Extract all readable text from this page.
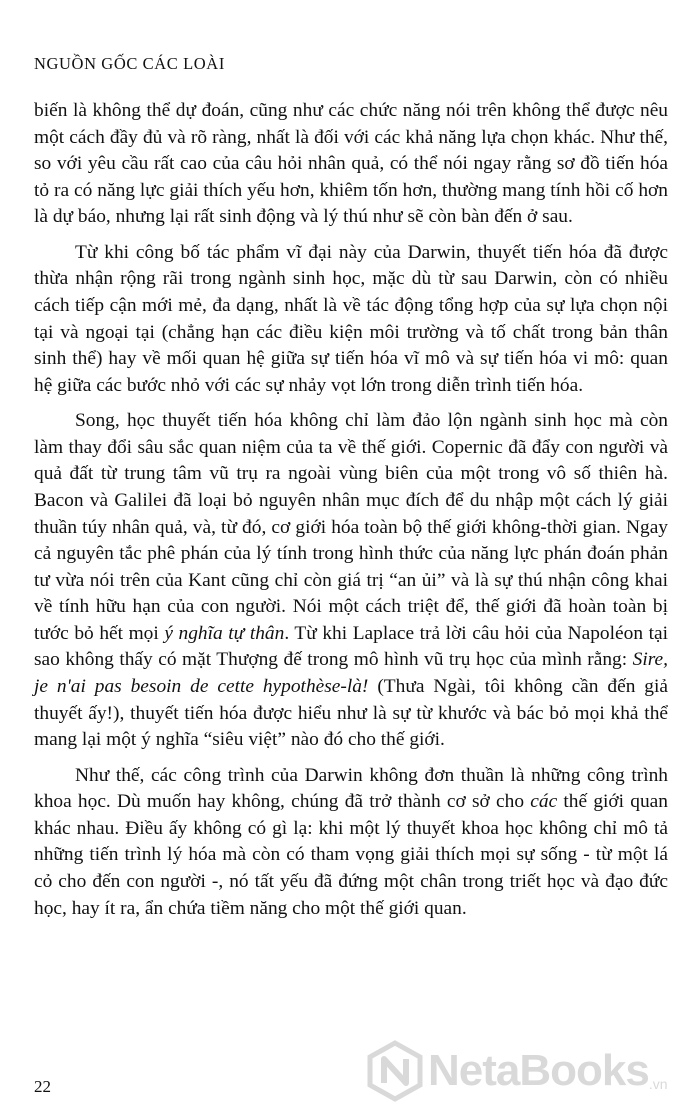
NGUỒN GỐC CÁC LOÀI

biến là không thể dự đoán, cũng như các chức năng nói trên không thể được nêu một cách đầy đủ và rõ ràng, nhất là đối với các khả năng lựa chọn khác. Như thế, so với yêu cầu rất cao của câu hỏi nhân quả, có thể nói ngay rằng sơ đồ tiến hóa tỏ ra có năng lực giải thích yếu hơn, khiêm tốn hơn, thường mang tính hồi cố hơn là dự báo, nhưng lại rất sinh động và lý thú như sẽ còn bàn đến ở sau.

Từ khi công bố tác phẩm vĩ đại này của Darwin, thuyết tiến hóa đã được thừa nhận rộng rãi trong ngành sinh học, mặc dù từ sau Darwin, còn có nhiều cách tiếp cận mới mẻ, đa dạng, nhất là về tác động tổng hợp của sự lựa chọn nội tại và ngoại tại (chẳng hạn các điều kiện môi trường và tố chất trong bản thân sinh thể) hay về mối quan hệ giữa sự tiến hóa vĩ mô và sự tiến hóa vi mô: quan hệ giữa các bước nhỏ với các sự nhảy vọt lớn trong diễn trình tiến hóa.

Song, học thuyết tiến hóa không chỉ làm đảo lộn ngành sinh học mà còn làm thay đổi sâu sắc quan niệm của ta về thế giới. Copernic đã đẩy con người và quả đất từ trung tâm vũ trụ ra ngoài vùng biên của một trong vô số thiên hà. Bacon và Galilei đã loại bỏ nguyên nhân mục đích để du nhập một cách lý giải thuần túy nhân quả, và, từ đó, cơ giới hóa toàn bộ thế giới không-thời gian. Ngay cả nguyên tắc phê phán của lý tính trong hình thức của năng lực phán đoán phản tư vừa nói trên của Kant cũng chỉ còn giá trị “an ủi” và là sự thú nhận công khai về tính hữu hạn của con người. Nói một cách triệt để, thế giới đã hoàn toàn bị tước bỏ hết mọi ý nghĩa tự thân. Từ khi Laplace trả lời câu hỏi của Napoléon tại sao không thấy có mặt Thượng đế trong mô hình vũ trụ học của mình rằng: Sire, je n'ai pas besoin de cette hypothèse-là! (Thưa Ngài, tôi không cần đến giả thuyết ấy!), thuyết tiến hóa được hiểu như là sự từ khước và bác bỏ mọi khả thể mang lại một ý nghĩa “siêu việt” nào đó cho thế giới.

Như thế, các công trình của Darwin không đơn thuần là những công trình khoa học. Dù muốn hay không, chúng đã trở thành cơ sở cho các thế giới quan khác nhau. Điều ấy không có gì lạ: khi một lý thuyết khoa học không chỉ mô tả những tiến trình lý hóa mà còn có tham vọng giải thích mọi sự sống - từ một lá cỏ cho đến con người -, nó tất yếu đã đứng một chân trong triết học và đạo đức học, hay ít ra, ẩn chứa tiềm năng cho một thế giới quan.

22	NetaBooks .vn
